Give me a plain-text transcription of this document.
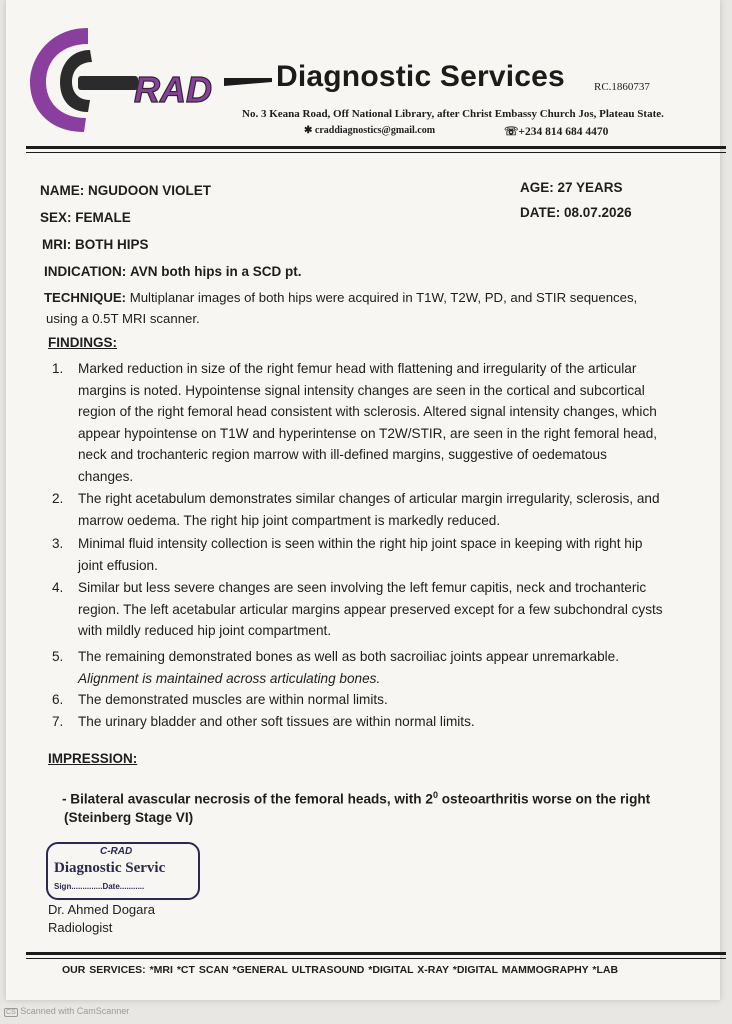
RAD Diagnostic Services	RC.1860737
No. 3 Keana Road, Off National Library, after Christ Embassy Church Jos, Plateau State.
✱ craddiagnostics@gmail.com	☏+234 814 684 4470
NAME: NGUDOON VIOLET	AGE: 27 YEARS
SEX: FEMALE	DATE: 08.07.2026
MRI: BOTH HIPS
INDICATION: AVN both hips in a SCD pt.
TECHNIQUE: Multiplanar images of both hips were acquired in T1W, T2W, PD, and STIR sequences,
using a 0.5T MRI scanner.
FINDINGS:
1. Marked reduction in size of the right femur head with flattening and irregularity of the articular
margins is noted. Hypointense signal intensity changes are seen in the cortical and subcortical
region of the right femoral head consistent with sclerosis. Altered signal intensity changes, which
appear hypointense on T1W and hyperintense on T2W/STIR, are seen in the right femoral head,
neck and trochanteric region marrow with ill-defined margins, suggestive of oedematous
changes.
2. The right acetabulum demonstrates similar changes of articular margin irregularity, sclerosis, and
marrow oedema. The right hip joint compartment is markedly reduced.
3. Minimal fluid intensity collection is seen within the right hip joint space in keeping with right hip
joint effusion.
4. Similar but less severe changes are seen involving the left femur capitis, neck and trochanteric
region. The left acetabular articular margins appear preserved except for a few subchondral cysts
with mildly reduced hip joint compartment.
5. The remaining demonstrated bones as well as both sacroiliac joints appear unremarkable.
Alignment is maintained across articulating bones.
6. The demonstrated muscles are within normal limits.
7. The urinary bladder and other soft tissues are within normal limits.
IMPRESSION:
- Bilateral avascular necrosis of the femoral heads, with $2^0$ osteoarthritis worse on the right
(Steinberg Stage VI)
C-RAD
Diagnostic Servic
Sign..............Date...........
Dr. Ahmed Dogara
Radiologist
OUR SERVICES: *MRI *CT SCAN *GENERAL ULTRASOUND *DIGITAL X-RAY *DIGITAL MAMMOGRAPHY *LAB
CS Scanned with CamScanner
